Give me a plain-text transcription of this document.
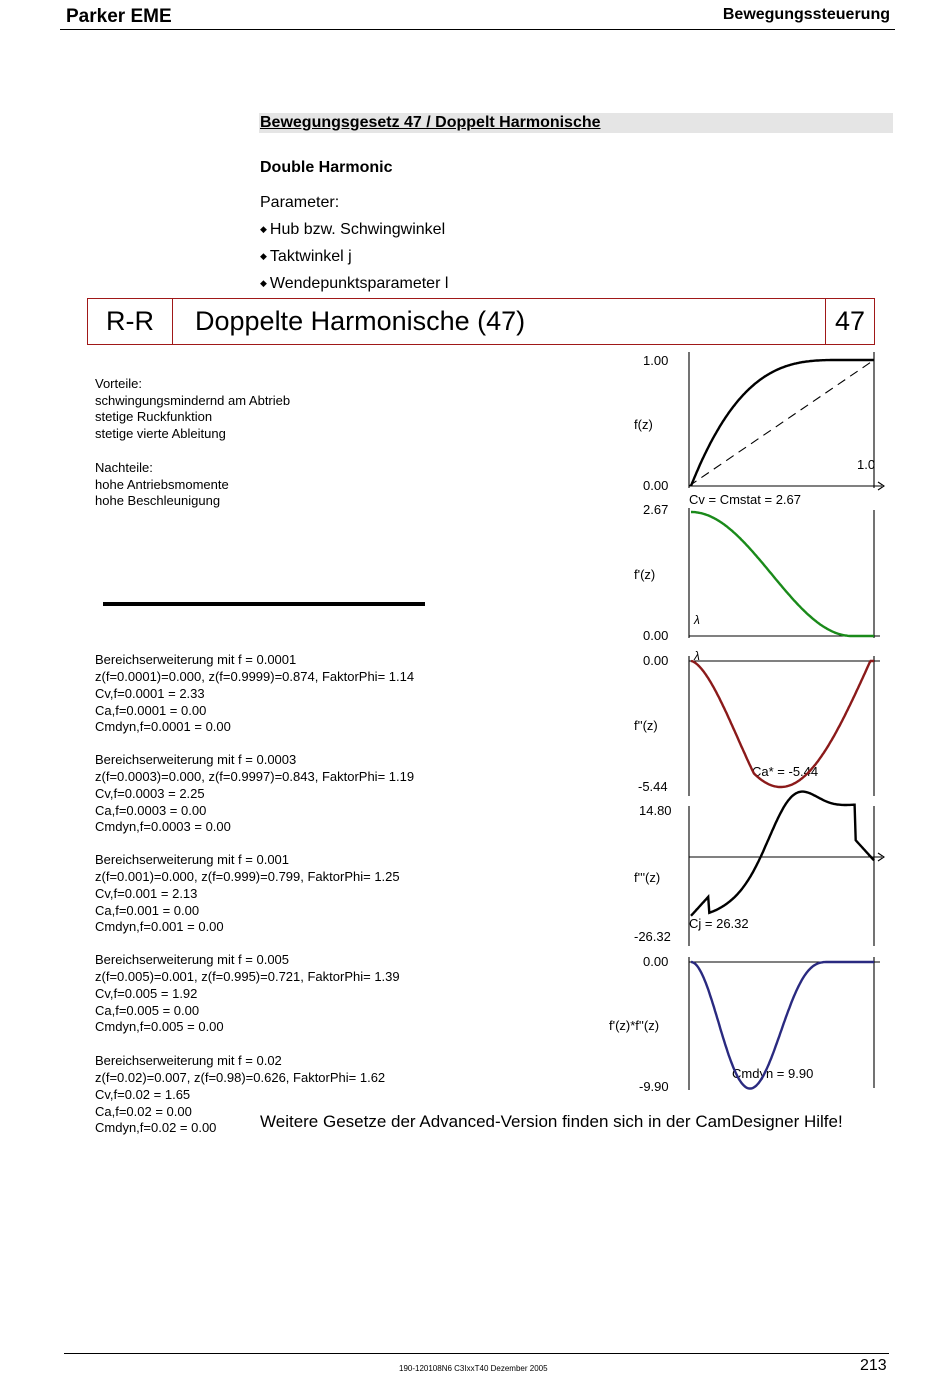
Parker EME	Bewegungssteuerung
Bewegungsgesetz 47 / Doppelt Harmonische
Double Harmonic
Parameter:
◆ Hub bzw. Schwingwinkel
◆ Taktwinkel j
◆ Wendepunktsparameter l
R-R	Doppelte Harmonische (47)	47
Vorteile:
schwingungsmindernd am Abtrieb
stetige Ruckfunktion
stetige vierte Ableitung
Nachteile:
hohe Antriebsmomente
hohe Beschleunigung

Bereichserweiterung mit f = 0.0001
z(f=0.0001)=0.000, z(f=0.9999)=0.874, FaktorPhi= 1.14
Cv,f=0.0001 = 2.33
Ca,f=0.0001 = 0.00
Cmdyn,f=0.0001 = 0.00

Bereichserweiterung mit f = 0.0003
z(f=0.0003)=0.000, z(f=0.9997)=0.843, FaktorPhi= 1.19
Cv,f=0.0003 = 2.25
Ca,f=0.0003 = 0.00
Cmdyn,f=0.0003 = 0.00

Bereichserweiterung mit f = 0.001
z(f=0.001)=0.000, z(f=0.999)=0.799, FaktorPhi= 1.25
Cv,f=0.001 = 2.13
Ca,f=0.001 = 0.00
Cmdyn,f=0.001 = 0.00

Bereichserweiterung mit f = 0.005
z(f=0.005)=0.001, z(f=0.995)=0.721, FaktorPhi= 1.39
Cv,f=0.005 = 1.92
Ca,f=0.005 = 0.00
Cmdyn,f=0.005 = 0.00

Bereichserweiterung mit f = 0.02
z(f=0.02)=0.007, z(f=0.98)=0.626, FaktorPhi= 1.62
Cv,f=0.02 = 1.65
Ca,f=0.02 = 0.00
Cmdyn,f=0.02 = 0.00

1.00
f(z)
0.00
1.0
Cv = Cmstat = 2.67
2.67
f'(z)
0.00
λ
0.00
f''(z)
-5.44
λ
Ca* = -5.44
14.80
f'''(z)
-26.32
Cj = 26.32
0.00
f'(z)*f''(z)
-9.90
Cmdyn = 9.90
Weitere Gesetze der Advanced-Version finden sich in der CamDesigner Hilfe!
190-120108N6 C3IxxT40 Dezember 2005	213
